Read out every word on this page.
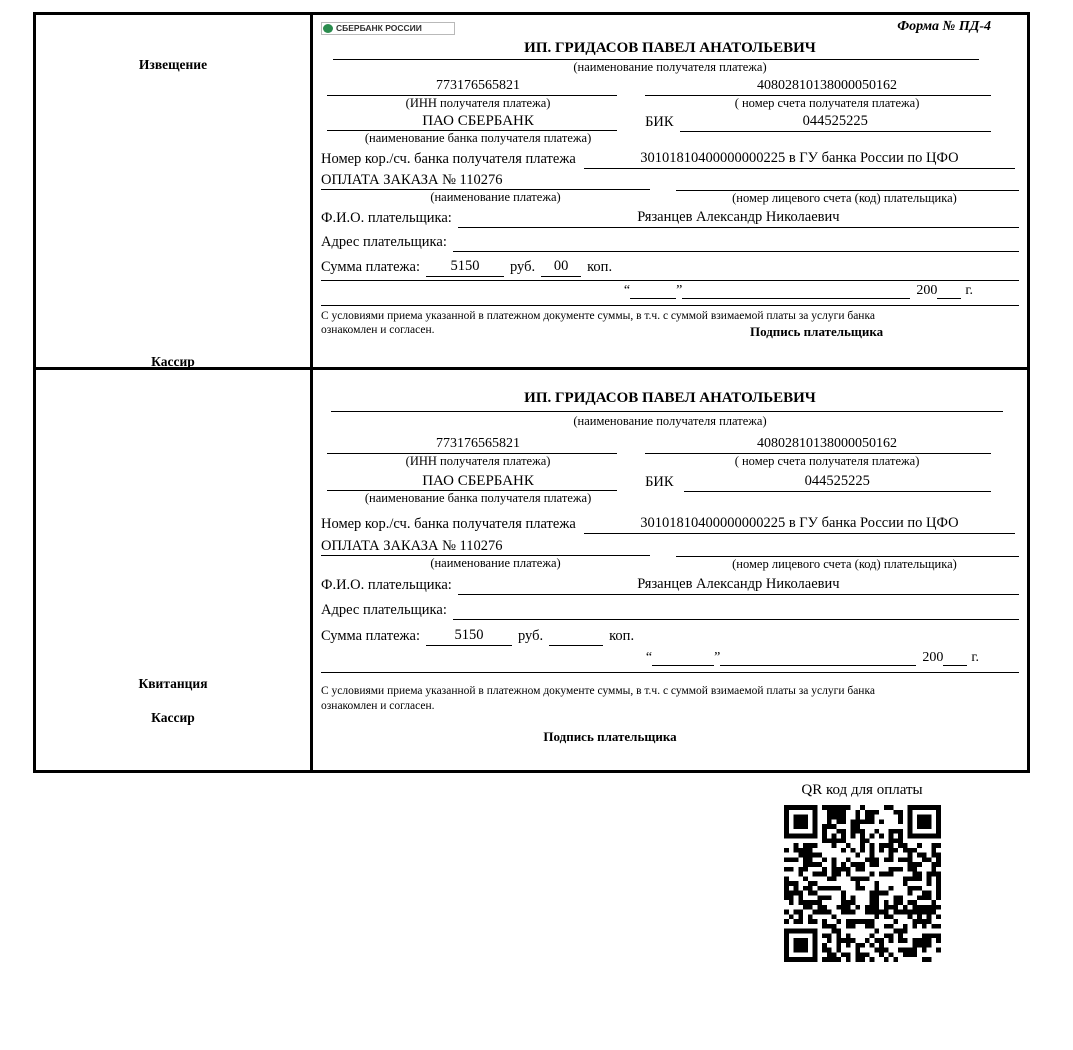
Извещение
Кассир
СБЕРБАНК РОССИИ	Форма № ПД-4
ИП. ГРИДАСОВ ПАВЕЛ АНАТОЛЬЕВИЧ
(наименование получателя платежа)
773176565821
(ИНН получателя платежа)
40802810138000050162
( номер счета получателя платежа)
ПАО СБЕРБАНК
(наименование банка получателя платежа)
БИК	044525225
Номер кор./сч. банка получателя платежа	30101810400000000225 в ГУ банка России по ЦФО
ОПЛАТА ЗАКАЗА № 110276
(наименование платежа)	(номер лицевого счета (код) плательщика)
Ф.И.О. плательщика:	Рязанцев Александр Николаевич
Адрес плательщика:
Сумма платежа:	5150	руб.	00	коп.
“	”	200 г.
С условиями приема указанной в платежном документе суммы, в т.ч. с суммой взимаемой платы за услуги банка
ознакомлен и согласен.	Подпись плательщика
Квитанция
Кассир
ИП. ГРИДАСОВ ПАВЕЛ АНАТОЛЬЕВИЧ
(наименование получателя платежа)
773176565821
(ИНН получателя платежа)
40802810138000050162
( номер счета получателя платежа)
ПАО СБЕРБАНК
(наименование банка получателя платежа)
БИК	044525225
Номер кор./сч. банка получателя платежа	30101810400000000225 в ГУ банка России по ЦФО
ОПЛАТА ЗАКАЗА № 110276
(наименование платежа)	(номер лицевого счета (код) плательщика)
Ф.И.О. плательщика:	Рязанцев Александр Николаевич
Адрес плательщика:
Сумма платежа:	5150	руб.	коп.
“	”	200 г.
С условиями приема указанной в платежном документе суммы, в т.ч. с суммой взимаемой платы за услуги банка
ознакомлен и согласен.
Подпись плательщика
QR код для оплаты
